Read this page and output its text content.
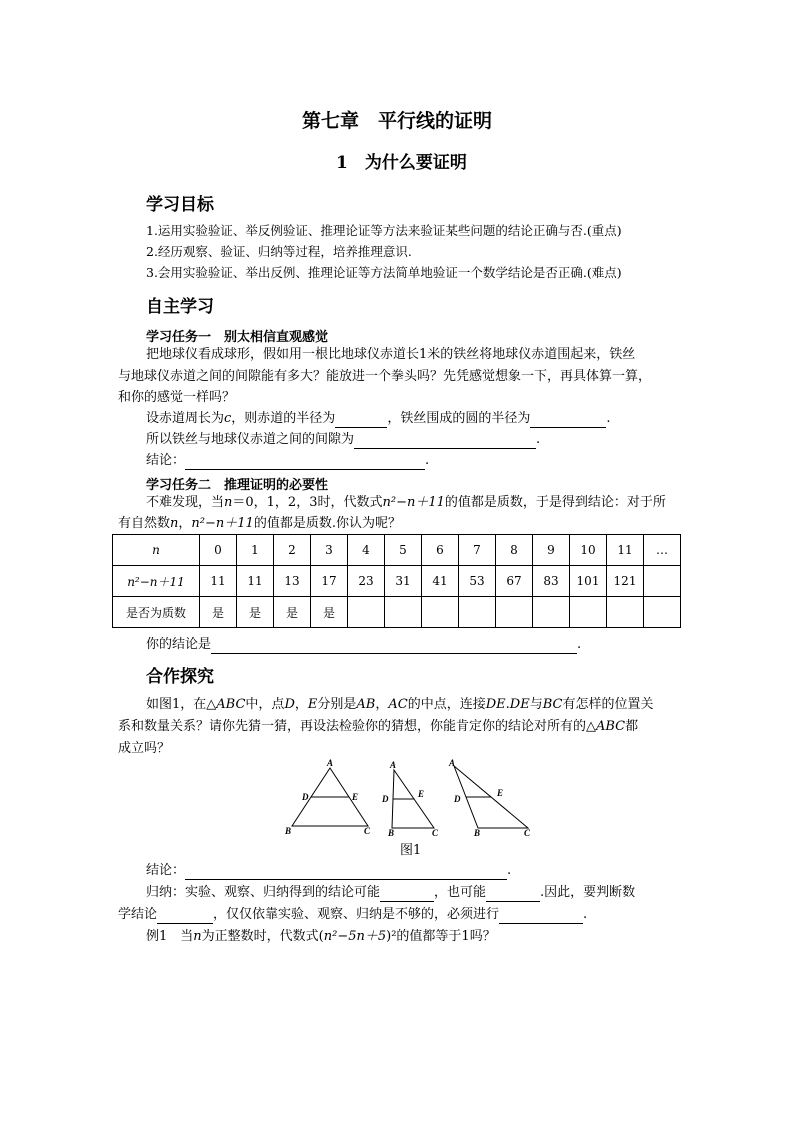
第七章　平行线的证明
1　为什么要证明
学习目标
1.运用实验验证、举反例验证、推理论证等方法来验证某些问题的结论正确与否.(重点)
2.经历观察、验证、归纳等过程，培养推理意识.
3.会用实验验证、举出反例、推理论证等方法简单地验证一个数学结论是否正确.(难点)
自主学习
学习任务一　别太相信直观感觉
把地球仪看成球形，假如用一根比地球仪赤道长1米的铁丝将地球仪赤道围起来，铁丝
与地球仪赤道之间的间隙能有多大？能放进一个拳头吗？先凭感觉想象一下，再具体算一算，
和你的感觉一样吗？
设赤道周长为c，则赤道的半径为	，铁丝围成的圆的半径为	.
所以铁丝与地球仪赤道之间的间隙为	.
结论：	.
学习任务二　推理证明的必要性
不难发现，当n＝0，1，2，3时，代数式n²−n＋11的值都是质数，于是得到结论：对于所
有自然数n，n²−n＋11的值都是质数.你认为呢？
n	0	1	2	3	4	5	6	7	8	9	10	11	…
n²−n＋11	11	11	13	17	23	31	41	53	67	83	101	121	
是否为质数	是	是	是	是									
你的结论是	.
合作探究
如图1，在△ABC中，点D，E分别是AB，AC的中点，连接DE.DE与BC有怎样的位置关
系和数量关系？请你先猜一猜，再设法检验你的猜想，你能肯定你的结论对所有的△ABC都
成立吗？
A
D	E
B	C
A
D	E
B	C
A
D
E
B	C
图1
结论：	.
归纳：实验、观察、归纳得到的结论可能	，也可能	.因此，要判断数
学结论	，仅仅依靠实验、观察、归纳是不够的，必须进行	.
例1　当n为正整数时，代数式(n²−5n＋5)²的值都等于1吗？
